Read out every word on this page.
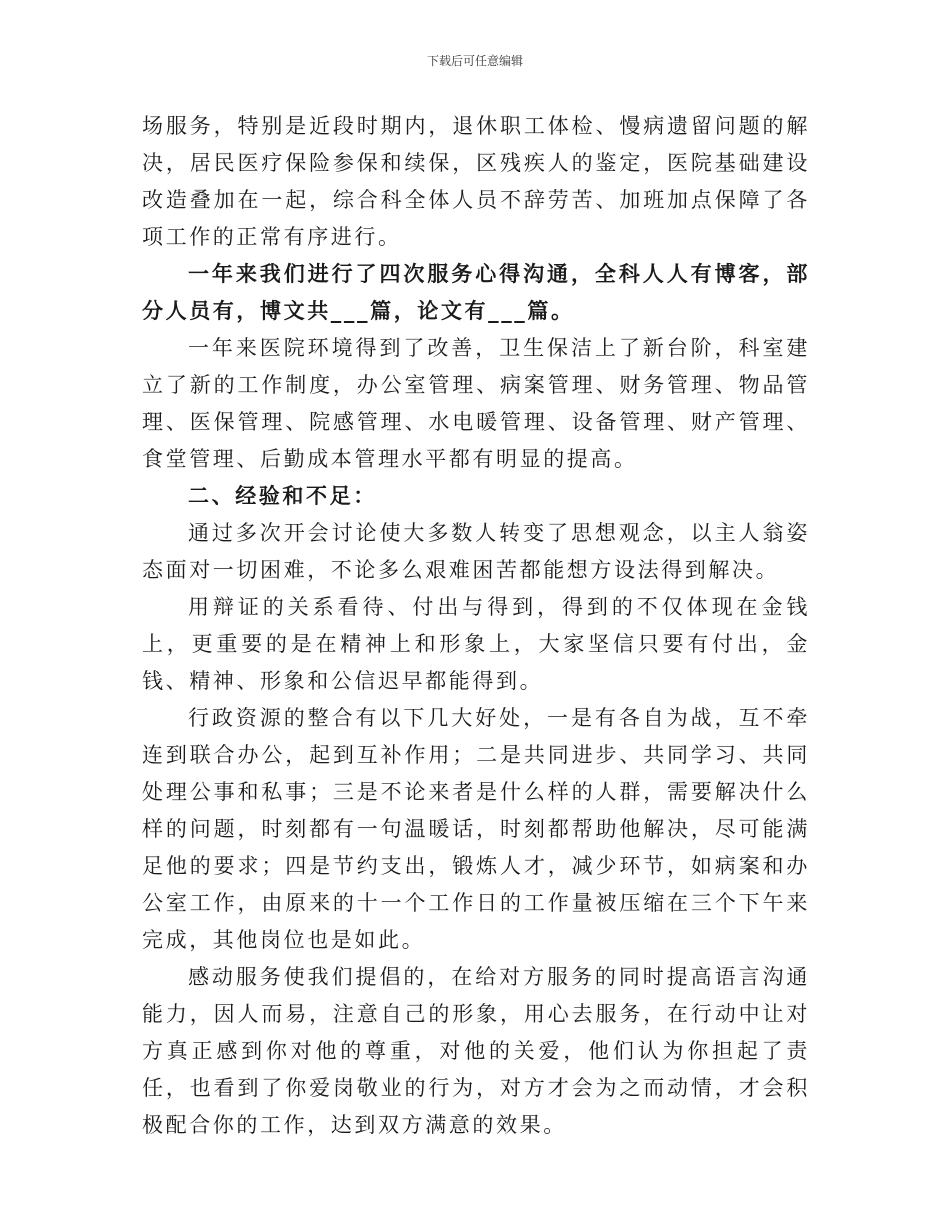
下载后可任意编辑

场服务，特别是近段时期内，退休职工体检、慢病遗留问题的解决，居民医疗保险参保和续保，区残疾人的鉴定，医院基础建设改造叠加在一起，综合科全体人员不辞劳苦、加班加点保障了各项工作的正常有序进行。

一年来我们进行了四次服务心得沟通，全科人人有博客，部分人员有，博文共___篇，论文有___篇。

一年来医院环境得到了改善，卫生保洁上了新台阶，科室建立了新的工作制度，办公室管理、病案管理、财务管理、物品管理、医保管理、院感管理、水电暖管理、设备管理、财产管理、食堂管理、后勤成本管理水平都有明显的提高。

二、经验和不足：

通过多次开会讨论使大多数人转变了思想观念，以主人翁姿态面对一切困难，不论多么艰难困苦都能想方设法得到解决。

用辩证的关系看待、付出与得到，得到的不仅体现在金钱上，更重要的是在精神上和形象上，大家坚信只要有付出，金钱、精神、形象和公信迟早都能得到。

行政资源的整合有以下几大好处，一是有各自为战，互不牵连到联合办公，起到互补作用；二是共同进步、共同学习、共同处理公事和私事；三是不论来者是什么样的人群，需要解决什么样的问题，时刻都有一句温暖话，时刻都帮助他解决，尽可能满足他的要求；四是节约支出，锻炼人才，减少环节，如病案和办公室工作，由原来的十一个工作日的工作量被压缩在三个下午来完成，其他岗位也是如此。

感动服务使我们提倡的，在给对方服务的同时提高语言沟通能力，因人而易，注意自己的形象，用心去服务，在行动中让对方真正感到你对他的尊重，对他的关爱，他们认为你担起了责任，也看到了你爱岗敬业的行为，对方才会为之而动情，才会积极配合你的工作，达到双方满意的效果。
